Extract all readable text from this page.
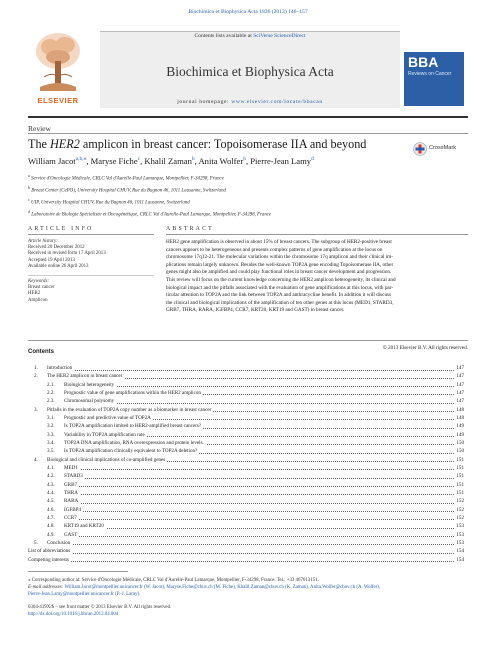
Biochimica et Biophysica Acta 1836 (2013) 146–157
ELSEVIER
Contents lists available at SciVerse ScienceDirect
Biochimica et Biophysica Acta
journal homepage: www.elsevier.com/locate/bbacan
BBA
Reviews on Cancer
Review
The HER2 amplicon in breast cancer: Topoisomerase IIA and beyond	CrossMark
William Jacot$^{a,b,⁎}$, Maryse Fiche$^c$, Khalil Zaman$^b$, Anita Wolfer$^b$, Pierre-Jean Lamy$^d$
$^a$ Service d'Oncologie Médicale, CRLC Val d'Aurelle-Paul Lamarque, Montpellier, F-34298, France
$^b$ Breast Center (CePO), University Hospital CHUV, Rue du Bugnon 46, 1011 Lausanne, Switzerland
$^c$ UIP, University Hospital CHUV, Rue du Bugnon 46, 1011 Lausanne, Switzerland
$^d$ Laboratoire de Biologie Spécialisée et Oncogénétique, CRLC Val d'Aurelle-Paul Lamarque, Montpellier, F-34298, France
ARTICLE INFO	ABSTRACT
Article history:
Received 20 December 2012
Received in revised form 17 April 2013
Accepted 19 April 2013
Available online 26 April 2013
Keywords:
Breast cancer
HER2
Amplicon
HER2 gene amplification is observed in about 15% of breast cancers. The subgroup of HER2-positive breast
cancers appears to be heterogeneous and presents complex patterns of gene amplification at the locus on
chromosome 17q12-21. The molecular variations within the chromosome 17q amplicon and their clinical im-
plications remain largely unknown. Besides the well-known TOP2A gene encoding Topoisomerase IIA, other
genes might also be amplified and could play functional roles in breast cancer development and progression.
This review will focus on the current knowledge concerning the HER2 amplicon heterogeneity, its clinical and
biological impact and the pitfalls associated with the evaluation of gene amplifications at this locus, with par-
ticular attention to TOP2A and the link between TOP2A and anthracycline benefit. In addition it will discuss
the clinical and biological implications of the amplification of ten other genes at this locus (MED1, STARD3,
GRB7, THRA, RARA, IGFBP4, CCR7, KRT20, KRT19 and GAST) in breast cancer.
© 2013 Elsevier B.V. All rights reserved.
Contents
1. Introduction	147
2. The HER2 amplicon in breast cancer	147
2.1. Biological heterogeneity	147
2.2. Prognostic value of gene amplifications within the HER2 amplicon	147
2.3. Chromosomal polysomy	147
3. Pitfalls in the evaluation of TOP2A copy number as a biomarker in breast cancer	148
3.1. Prognostic and predictive value of TOP2A	148
3.2. Is TOP2A amplification limited to HER2-amplified breast cancers?	149
3.3. Variability in TOP2A amplification rate	149
3.4. TOP2A DNA amplification, RNA overexpression and protein levels.	150
3.5. Is TOP2A amplification clinically equivalent to TOP2A deletion?	150
4. Biological and clinical implications of co-amplified genes	151
4.1. MED1	151
4.2. STARD3	151
4.3. GRB7	151
4.4. THRA	151
4.5. RARA	152
4.6. IGFBP4	152
4.7. CCR7	152
4.8. KRT19 and KRT20	153
4.9. GAST	153
5. Conclusion	153
List of abbreviations	154
Competing interests	154
⁎ Corresponding author at: Service d'Oncologie Médicale, CRLC Val d'Aurelle-Paul Lamarque, Montpellier, F-34298, France. Tel.: +33 467613151.
E-mail addresses: William.Jacot@montpellier.unicancer.fr (W. Jacot), Maryse.Fiche@chuv.ch (M. Fiche), Khalil.Zaman@chuv.ch (K. Zaman), Anita.Wolfer@chuv.ch (A. Wolfer),
Pierre-Jean.Lamy@montpellier.unicancer.fr (P.-J. Lamy).
0304-419X/$ – see front matter © 2013 Elsevier B.V. All rights reserved.
http://dx.doi.org/10.1016/j.bbcan.2013.04.004
